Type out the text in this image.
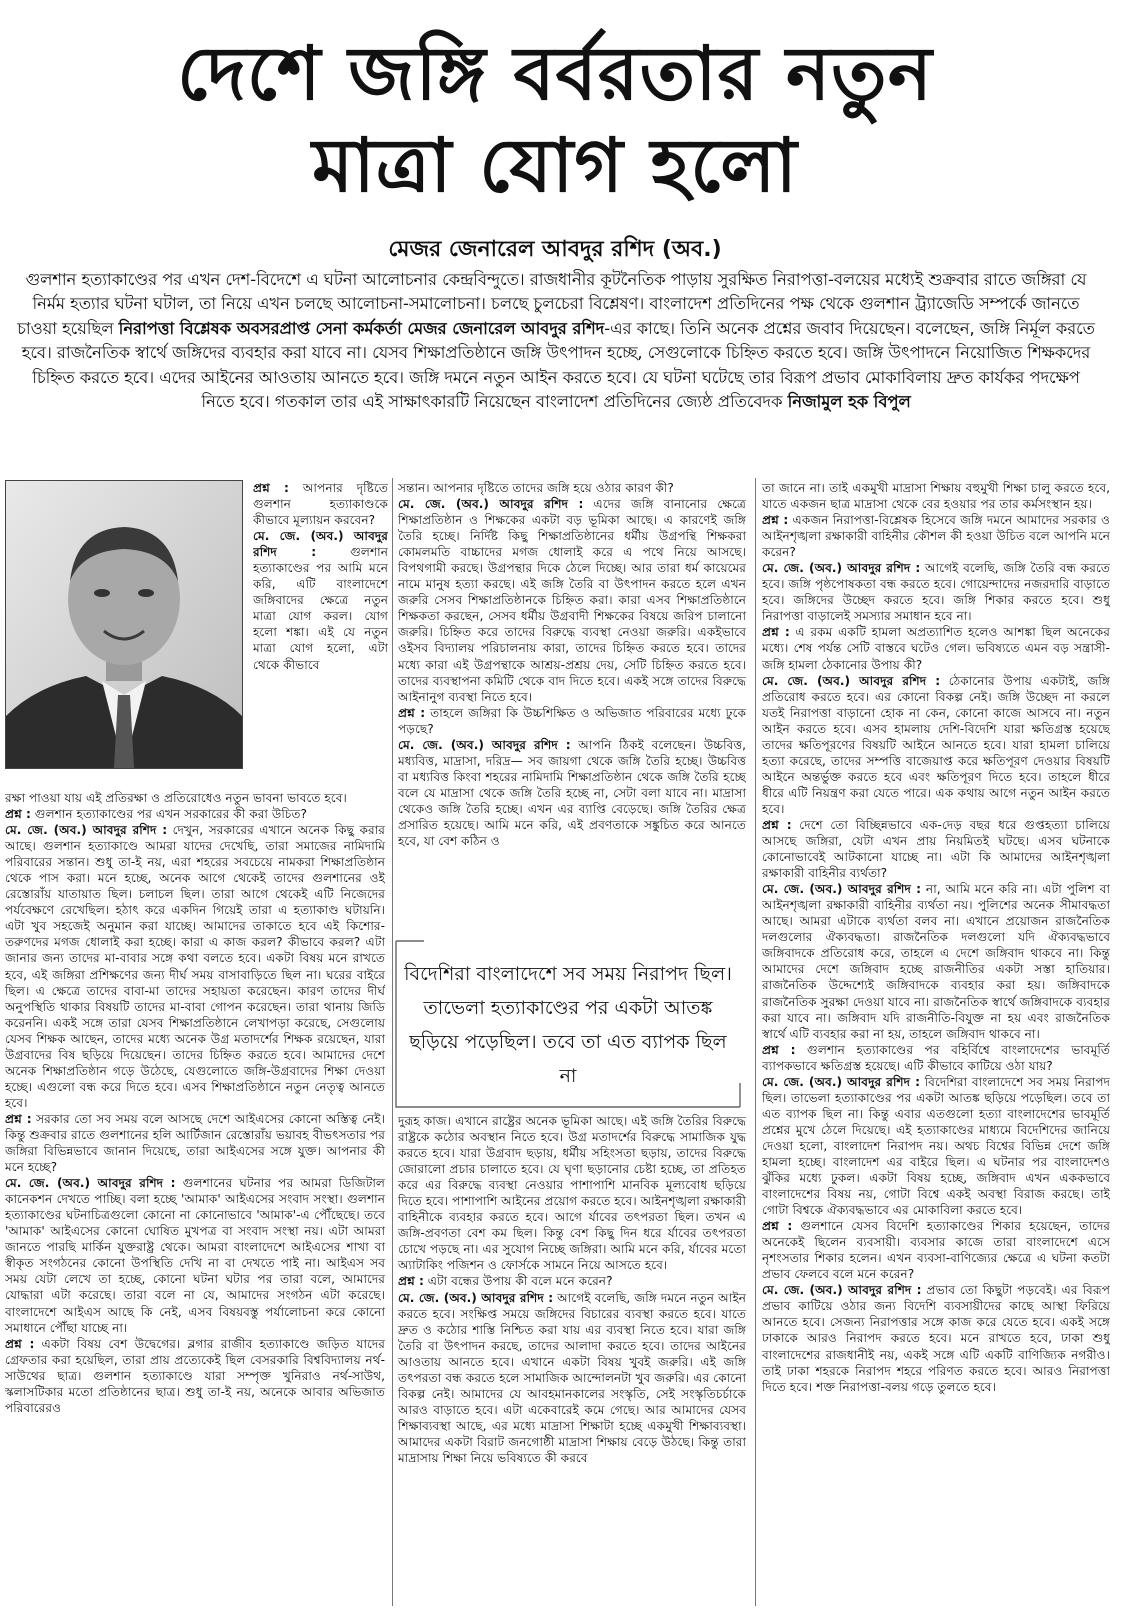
দেশে জঙ্গি বর্বরতার নতুন
মাত্রা যোগ হলো
মেজর জেনারেল আবদুর রশিদ (অব.)
গুলশান হত্যাকাণ্ডের পর এখন দেশ-বিদেশে এ ঘটনা আলোচনার কেন্দ্রবিন্দুতে। রাজধানীর কূটনৈতিক পাড়ায় সুরক্ষিত নিরাপত্তা-বলয়ের মধ্যেই শুক্রবার রাতে জঙ্গিরা যে নির্মম হত্যার ঘটনা ঘটাল, তা নিয়ে এখন চলছে আলোচনা-সমালোচনা। চলছে চুলচেরা বিশ্লেষণ। বাংলাদেশ প্রতিদিনের পক্ষ থেকে গুলশান ট্র্যাজেডি সম্পর্কে জানতে চাওয়া হয়েছিল নিরাপত্তা বিশ্লেষক অবসরপ্রাপ্ত সেনা কর্মকর্তা মেজর জেনারেল আবদুর রশিদ-এর কাছে। তিনি অনেক প্রশ্নের জবাব দিয়েছেন। বলেছেন, জঙ্গি নির্মূল করতে হবে। রাজনৈতিক স্বার্থে জঙ্গিদের ব্যবহার করা যাবে না। যেসব শিক্ষাপ্রতিষ্ঠানে জঙ্গি উৎপাদন হচ্ছে, সেগুলোকে চিহ্নিত করতে হবে। জঙ্গি উৎপাদনে নিয়োজিত শিক্ষকদের চিহ্নিত করতে হবে। এদের আইনের আওতায় আনতে হবে। জঙ্গি দমনে নতুন আইন করতে হবে। যে ঘটনা ঘটেছে তার বিরূপ প্রভাব মোকাবিলায় দ্রুত কার্যকর পদক্ষেপ নিতে হবে। গতকাল তার এই সাক্ষাৎকারটি নিয়েছেন বাংলাদেশ প্রতিদিনের জ্যেষ্ঠ প্রতিবেদক নিজামুল হক বিপুল

প্রশ্ন : আপনার দৃষ্টিতে গুলশান হত্যাকাণ্ডকে কীভাবে মূল্যায়ন করবেন?

মে. জে. (অব.) আবদুর রশিদ : গুলশান হত্যাকাণ্ডের পর আমি মনে করি, এটি বাংলাদেশে জঙ্গিবাদের ক্ষেত্রে নতুন মাত্রা যোগ করল। যোগ হলো শঙ্কা। এই যে নতুন মাত্রা যোগ হলো, এটা থেকে কীভাবে

রক্ষা পাওয়া যায় এই প্রতিরক্ষা ও প্রতিরোধেও নতুন ভাবনা ভাবতে হবে।

প্রশ্ন : গুলশান হত্যাকাণ্ডের পর এখন সরকারের কী করা উচিত?

মে. জে. (অব.) আবদুর রশিদ : দেখুন, সরকারের এখানে অনেক কিছু করার আছে। গুলশান হত্যাকাণ্ডে আমরা যাদের দেখেছি, তারা সমাজের নামিদামি পরিবারের সন্তান। শুধু তা-ই নয়, এরা শহরের সবচেয়ে নামকরা শিক্ষাপ্রতিষ্ঠান থেকে পাস করা। মনে হচ্ছে, অনেক আগে থেকেই তাদের গুলশানের ওই রেস্তোরাঁয় যাতায়াত ছিল। চলাচল ছিল। তারা আগে থেকেই এটি নিজেদের পর্যবেক্ষণে রেখেছিল। হঠাৎ করে একদিন গিয়েই তারা এ হত্যাকাণ্ড ঘটায়নি। এটা খুব সহজেই অনুমান করা যাচ্ছে। আমাদের তাকাতে হবে এই কিশোর-তরুণদের মগজ ধোলাই করা হচ্ছে। কারা এ কাজ করল? কীভাবে করল? এটা জানার জন্য তাদের মা-বাবার সঙ্গে কথা বলতে হবে। একটা বিষয় মনে রাখতে হবে, এই জঙ্গিরা প্রশিক্ষণের জন্য দীর্ঘ সময় বাসাবাড়িতে ছিল না। ঘরের বাইরে ছিল। এ ক্ষেত্রে তাদের বাবা-মা তাদের সহায়তা করেছেন। কারণ তাদের দীর্ঘ অনুপস্থিতি থাকার বিষয়টি তাদের মা-বাবা গোপন করেছেন। তারা থানায় জিডি করেননি। একই সঙ্গে তারা যেসব শিক্ষাপ্রতিষ্ঠানে লেখাপড়া করেছে, সেগুলোয় যেসব শিক্ষক আছেন, তাদের মধ্যে অনেক উগ্র মতাদর্শের শিক্ষক রয়েছেন, যারা উগ্রবাদের বিষ ছড়িয়ে দিয়েছেন। তাদের চিহ্নিত করতে হবে। আমাদের দেশে অনেক শিক্ষাপ্রতিষ্ঠান গড়ে উঠেছে, যেগুলোতে জঙ্গি-উগ্রবাদের শিক্ষা দেওয়া হচ্ছে। এগুলো বন্ধ করে দিতে হবে। এসব শিক্ষাপ্রতিষ্ঠানে নতুন নেতৃত্ব আনতে হবে।

প্রশ্ন : সরকার তো সব সময় বলে আসছে দেশে আইএসের কোনো অস্তিত্ব নেই। কিন্তু শুক্রবার রাতে গুলশানের হলি আর্টিজান রেস্তোরাঁয় ভয়াবহ বীভৎসতার পর জঙ্গিরা বিভিন্নভাবে জানান দিয়েছে, তারা আইএসের সঙ্গে যুক্ত। আপনার কী মনে হচ্ছে?

মে. জে. (অব.) আবদুর রশিদ : গুলশানের ঘটনার পর আমরা ডিজিটাল কানেকশন দেখতে পাচ্ছি। বলা হচ্ছে 'আমাক' আইএসের সংবাদ সংস্থা। গুলশান হত্যাকাণ্ডের ঘটনাচিত্রগুলো কোনো না কোনোভাবে 'আমাক'-এ পৌঁছেছে। তবে 'আমাক' আইএসের কোনো ঘোষিত মুখপত্র বা সংবাদ সংস্থা নয়। এটা আমরা জানতে পারছি মার্কিন যুক্তরাষ্ট্র থেকে। আমরা বাংলাদেশে আইএসের শাখা বা স্বীকৃত সংগঠনের কোনো উপস্থিতি দেখি না বা দেখতে পাই না। আইএস সব সময় যেটা লেখে তা হচ্ছে, কোনো ঘটনা ঘটার পর তারা বলে, আমাদের যোদ্ধারা এটা করেছে। তারা বলে না যে, আমাদের সংগঠন এটা করেছে। বাংলাদেশে আইএস আছে কি নেই, এসব বিষয়বস্তু পর্যালোচনা করে কোনো সমাধানে পৌঁছা যাচ্ছে না।

প্রশ্ন : একটা বিষয় বেশ উদ্বেগের। ব্লগার রাজীব হত্যাকাণ্ডে জড়িত যাদের গ্রেফতার করা হয়েছিল, তারা প্রায় প্রত্যেকেই ছিল বেসরকারি বিশ্ববিদ্যালয় নর্থ-সাউথের ছাত্র। গুলশান হত্যাকাণ্ডে যারা সম্পৃক্ত খুনিরাও নর্থ-সাউথ, স্কলাসটিকার মতো প্রতিষ্ঠানের ছাত্র। শুধু তা-ই নয়, অনেকে আবার অভিজাত পরিবারেরও

সন্তান। আপনার দৃষ্টিতে তাদের জঙ্গি হয়ে ওঠার কারণ কী?

মে. জে. (অব.) আবদুর রশিদ : এদের জঙ্গি বানানোর ক্ষেত্রে শিক্ষাপ্রতিষ্ঠান ও শিক্ষকের একটা বড় ভূমিকা আছে। এ কারণেই জঙ্গি তৈরি হচ্ছে। নির্দিষ্ট কিছু শিক্ষাপ্রতিষ্ঠানের ধর্মীয় উগ্রপন্থি শিক্ষকরা কোমলমতি বাচ্চাদের মগজ ধোলাই করে এ পথে নিয়ে আসছে। বিপথগামী করছে। উগ্রপন্থার দিকে ঠেলে দিচ্ছে। আর তারা ধর্ম কায়েমের নামে মানুষ হত্যা করছে। এই জঙ্গি তৈরি বা উৎপাদন করতে হলে এখন জরুরি সেসব শিক্ষাপ্রতিষ্ঠানকে চিহ্নিত করা। কারা এসব শিক্ষাপ্রতিষ্ঠানে শিক্ষকতা করছেন, সেসব ধর্মীয় উগ্রবাদী শিক্ষকের বিষয়ে জরিপ চালানো জরুরি। চিহ্নিত করে তাদের বিরুদ্ধে ব্যবস্থা নেওয়া জরুরি। একইভাবে ওইসব বিদ্যালয় পরিচালনায় কারা, তাদের চিহ্নিত করতে হবে। তাদের মধ্যে কারা এই উগ্রপন্থাকে আশ্রয়-প্রশ্রয় দেয়, সেটি চিহ্নিত করতে হবে। তাদের ব্যবস্থাপনা কমিটি থেকে বাদ দিতে হবে। একই সঙ্গে তাদের বিরুদ্ধে আইনানুগ ব্যবস্থা নিতে হবে।

প্রশ্ন : তাহলে জঙ্গিরা কি উচ্চশিক্ষিত ও অভিজাত পরিবারের মধ্যে ঢুকে পড়ছে?

মে. জে. (অব.) আবদুর রশিদ : আপনি ঠিকই বলেছেন। উচ্চবিত্ত, মধ্যবিত্ত, মাদ্রাসা, দরিদ্র— সব জায়গা থেকে জঙ্গি তৈরি হচ্ছে। উচ্চবিত্ত বা মধ্যবিত্ত কিংবা শহরের নামিদামি শিক্ষাপ্রতিষ্ঠান থেকে জঙ্গি তৈরি হচ্ছে বলে যে মাদ্রাসা থেকে জঙ্গি তৈরি হচ্ছে না, সেটা বলা যাবে না। মাদ্রাসা থেকেও জঙ্গি তৈরি হচ্ছে। এখন এর ব্যাপ্তি বেড়েছে। জঙ্গি তৈরির ক্ষেত্র প্রসারিত হয়েছে। আমি মনে করি, এই প্রবণতাকে সঙ্কুচিত করে আনতে হবে, যা বেশ কঠিন ও

বিদেশিরা বাংলাদেশে সব সময় নিরাপদ ছিল। তাভেলা হত্যাকাণ্ডের পর একটা আতঙ্ক ছড়িয়ে পড়েছিল। তবে তা এত ব্যাপক ছিল না

দুরূহ কাজ। এখানে রাষ্ট্রের অনেক ভূমিকা আছে। এই জঙ্গি তৈরির বিরুদ্ধে রাষ্ট্রকে কঠোর অবস্থান নিতে হবে। উগ্র মতাদর্শের বিরুদ্ধে সামাজিক যুদ্ধ করতে হবে। যারা উগ্রবাদ ছড়ায়, ধর্মীয় সহিংসতা ছড়ায়, তাদের বিরুদ্ধে জোরালো প্রচার চালাতে হবে। যে ঘৃণা ছড়ানোর চেষ্টা হচ্ছে, তা প্রতিহত করে এর বিরুদ্ধে ব্যবস্থা নেওয়ার পাশাপাশি মানবিক মূল্যবোধ ছড়িয়ে দিতে হবে। পাশাপাশি আইনের প্রয়োগ করতে হবে। আইনশৃঙ্খলা রক্ষাকারী বাহিনীকে ব্যবহার করতে হবে। আগে র্যাবের তৎপরতা ছিল। তখন এ জঙ্গি-প্রবণতা বেশ কম ছিল। কিন্তু বেশ কিছু দিন ধরে র্যাবের তৎপরতা চোখে পড়ছে না। এর সুযোগ নিচ্ছে জঙ্গিরা। আমি মনে করি, র্যাবের মতো অ্যাটাকিং পজিশন ও ফোর্সকে সামনে নিয়ে আসতে হবে।

প্রশ্ন : এটা বন্ধের উপায় কী বলে মনে করেন?

মে. জে. (অব.) আবদুর রশিদ : আগেই বলেছি, জঙ্গি দমনে নতুন আইন করতে হবে। সংক্ষিপ্ত সময়ে জঙ্গিদের বিচারের ব্যবস্থা করতে হবে। যাতে দ্রুত ও কঠোর শাস্তি নিশ্চিত করা যায় এর ব্যবস্থা নিতে হবে। যারা জঙ্গি তৈরি বা উৎপাদন করছে, তাদের আলাদা করতে হবে। তাদের আইনের আওতায় আনতে হবে। এখানে একটা বিষয় খুবই জরুরি। এই জঙ্গি তৎপরতা বন্ধ করতে হলে সামাজিক আন্দোলনটা খুব জরুরি। এর কোনো বিকল্প নেই। আমাদের যে আবহমানকালের সংস্কৃতি, সেই সংস্কৃতিচর্চাকে আরও বাড়াতে হবে। এটা একেবারেই কমে গেছে। আর আমাদের যেসব শিক্ষাব্যবস্থা আছে, এর মধ্যে মাদ্রাসা শিক্ষাটা হচ্ছে একমুখী শিক্ষাব্যবস্থা। আমাদের একটা বিরাট জনগোষ্ঠী মাদ্রাসা শিক্ষায় বেড়ে উঠছে। কিন্তু তারা মাদ্রাসায় শিক্ষা নিয়ে ভবিষ্যতে কী করবে

তা জানে না। তাই একমুখী মাদ্রাসা শিক্ষায় বহুমুখী শিক্ষা চালু করতে হবে, যাতে একজন ছাত্র মাদ্রাসা থেকে বের হওয়ার পর তার কর্মসংস্থান হয়।

প্রশ্ন : একজন নিরাপত্তা-বিশ্লেষক হিসেবে জঙ্গি দমনে আমাদের সরকার ও আইনশৃঙ্খলা রক্ষাকারী বাহিনীর কৌশল কী হওয়া উচিত বলে আপনি মনে করেন?

মে. জে. (অব.) আবদুর রশিদ : আগেই বলেছি, জঙ্গি তৈরি বন্ধ করতে হবে। জঙ্গি পৃষ্ঠপোষকতা বন্ধ করতে হবে। গোয়েন্দাদের নজরদারি বাড়াতে হবে। জঙ্গিদের উচ্ছেদ করতে হবে। জঙ্গি শিকার করতে হবে। শুধু নিরাপত্তা বাড়ালেই সমস্যার সমাধান হবে না।

প্রশ্ন : এ রকম একটি হামলা অপ্রত্যাশিত হলেও আশঙ্কা ছিল অনেকের মধ্যে। শেষ পর্যন্ত সেটি বাস্তবে ঘটেও গেল। ভবিষ্যতে এমন বড় সন্ত্রাসী-জঙ্গি হামলা ঠেকানোর উপায় কী?

মে. জে. (অব.) আবদুর রশিদ : ঠেকানোর উপায় একটাই, জঙ্গি প্রতিরোধ করতে হবে। এর কোনো বিকল্প নেই। জঙ্গি উচ্ছেদ না করলে যতই নিরাপত্তা বাড়ানো হোক না কেন, কোনো কাজে আসবে না। নতুন আইন করতে হবে। এসব হামলায় দেশি-বিদেশি যারা ক্ষতিগ্রস্ত হয়েছে তাদের ক্ষতিপূরণের বিষয়টি আইনে আনতে হবে। যারা হামলা চালিয়ে হত্যা করেছে, তাদের সম্পত্তি বাজেয়াপ্ত করে ক্ষতিপূরণ দেওয়ার বিষয়টি আইনে অন্তর্ভুক্ত করতে হবে এবং ক্ষতিপূরণ দিতে হবে। তাহলে ধীরে ধীরে এটি নিয়ন্ত্রণ করা যেতে পারে। এক কথায় আগে নতুন আইন করতে হবে।

প্রশ্ন : দেশে তো বিচ্ছিন্নভাবে এক-দেড় বছর ধরে গুপ্তহত্যা চালিয়ে আসছে জঙ্গিরা, যেটা এখন প্রায় নিয়মিতই ঘটছে। এসব ঘটনাকে কোনোভাবেই আটকানো যাচ্ছে না। এটা কি আমাদের আইনশৃঙ্খলা রক্ষাকারী বাহিনীর ব্যর্থতা?

মে. জে. (অব.) আবদুর রশিদ : না, আমি মনে করি না। এটা পুলিশ বা আইনশৃঙ্খলা রক্ষাকারী বাহিনীর ব্যর্থতা নয়। পুলিশের অনেক সীমাবদ্ধতা আছে। আমরা এটাকে ব্যর্থতা বলব না। এখানে প্রয়োজন রাজনৈতিক দলগুলোর ঐক্যবদ্ধতা। রাজনৈতিক দলগুলো যদি ঐক্যবদ্ধভাবে জঙ্গিবাদকে প্রতিরোধ করে, তাহলে এ দেশে জঙ্গিবাদ থাকবে না। কিন্তু আমাদের দেশে জঙ্গিবাদ হচ্ছে রাজনীতির একটা সস্তা হাতিয়ার। রাজনৈতিক উদ্দেশ্যেই জঙ্গিবাদকে ব্যবহার করা হয়। জঙ্গিবাদকে রাজনৈতিক সুরক্ষা দেওয়া যাবে না। রাজনৈতিক স্বার্থে জঙ্গিবাদকে ব্যবহার করা যাবে না। জঙ্গিবাদ যদি রাজনীতি-বিযুক্ত না হয় এবং রাজনৈতিক স্বার্থে এটি ব্যবহার করা না হয়, তাহলে জঙ্গিবাদ থাকবে না।

প্রশ্ন : গুলশান হত্যাকাণ্ডের পর বহির্বিশ্বে বাংলাদেশের ভাবমূর্তি ব্যাপকভাবে ক্ষতিগ্রস্ত হয়েছে। এটি কীভাবে কাটিয়ে ওঠা যায়?

মে. জে. (অব.) আবদুর রশিদ : বিদেশিরা বাংলাদেশে সব সময় নিরাপদ ছিল। তাভেলা হত্যাকাণ্ডের পর একটা আতঙ্ক ছড়িয়ে পড়েছিল। তবে তা এত ব্যাপক ছিল না। কিন্তু এবার এতগুলো হত্যা বাংলাদেশের ভাবমূর্তি প্রশ্নের মুখে ঠেলে দিয়েছে। এই হত্যাকাণ্ডের মাধ্যমে বিদেশিদের জানিয়ে দেওয়া হলো, বাংলাদেশ নিরাপদ নয়। অথচ বিশ্বের বিভিন্ন দেশে জঙ্গি হামলা হচ্ছে। বাংলাদেশ এর বাইরে ছিল। এ ঘটনার পর বাংলাদেশও ঝুঁকির মধ্যে ঢুকল। একটা বিষয় হচ্ছে, জঙ্গিবাদ এখন এককভাবে বাংলাদেশের বিষয় নয়, গোটা বিশ্বে একই অবস্থা বিরাজ করছে। তাই গোটা বিশ্বকে ঐক্যবদ্ধভাবে এর মোকাবিলা করতে হবে।

প্রশ্ন : গুলশানে যেসব বিদেশি হত্যাকাণ্ডের শিকার হয়েছেন, তাদের অনেকেই ছিলেন ব্যবসায়ী। ব্যবসার কাজে তারা বাংলাদেশে এসে নৃশংসতার শিকার হলেন। এখন ব্যবসা-বাণিজ্যের ক্ষেত্রে এ ঘটনা কতটা প্রভাব ফেলবে বলে মনে করেন?

মে. জে. (অব.) আবদুর রশিদ : প্রভাব তো কিছুটা পড়বেই। এর বিরূপ প্রভাব কাটিয়ে ওঠার জন্য বিদেশি ব্যবসায়ীদের কাছে আস্থা ফিরিয়ে আনতে হবে। সেজন্য নিরাপত্তার সঙ্গে কাজ করে যেতে হবে। একই সঙ্গে ঢাকাকে আরও নিরাপদ করতে হবে। মনে রাখতে হবে, ঢাকা শুধু বাংলাদেশের রাজধানীই নয়, একই সঙ্গে এটি একটি বাণিজ্যিক নগরীও। তাই ঢাকা শহরকে নিরাপদ শহরে পরিণত করতে হবে। আরও নিরাপত্তা দিতে হবে। শক্ত নিরাপত্তা-বলয় গড়ে তুলতে হবে।
